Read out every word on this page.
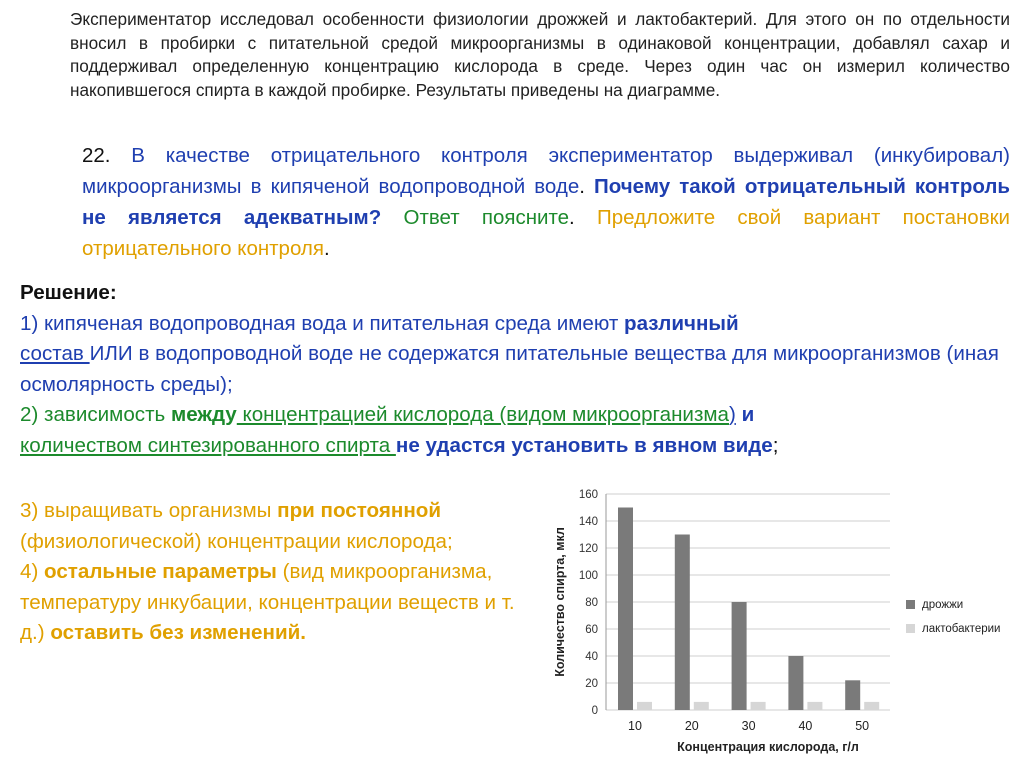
Экспериментатор исследовал особенности физиологии дрожжей и лактобактерий. Для этого он по отдельности вносил в пробирки с питательной средой микроорганизмы в одинаковой концентрации, добавлял сахар и поддерживал определенную концентрацию кислорода в среде. Через один час он измерил количество накопившегося спирта в каждой пробирке. Результаты приведены на диаграмме.
22. В качестве отрицательного контроля экспериментатор выдерживал (инкубировал) микроорганизмы в кипяченой водопроводной воде. Почему такой отрицательный контроль не является адекватным? Ответ поясните. Предложите свой вариант постановки отрицательного контроля.
Решение:
1) кипяченая водопроводная вода и питательная среда имеют различный
состав ИЛИ в водопроводной воде не содержатся питательные вещества для микроорганизмов (иная осмолярность среды);
2) зависимость между концентрацией кислорода (видом микроорганизма) и
количеством синтезированного спирта не удастся установить в явном виде;
3) выращивать организмы при постоянной (физиологической) концентрации кислорода;
4) остальные параметры (вид микроорганизма, температуру инкубации, концентрации веществ и т. д.) оставить без изменений.
0
20
40
60
80
100
120
140
160
10	20	30	40	50
Концентрация кислорода, г/л
Количество спирта, мкл	дрожжи
лактобактерии
